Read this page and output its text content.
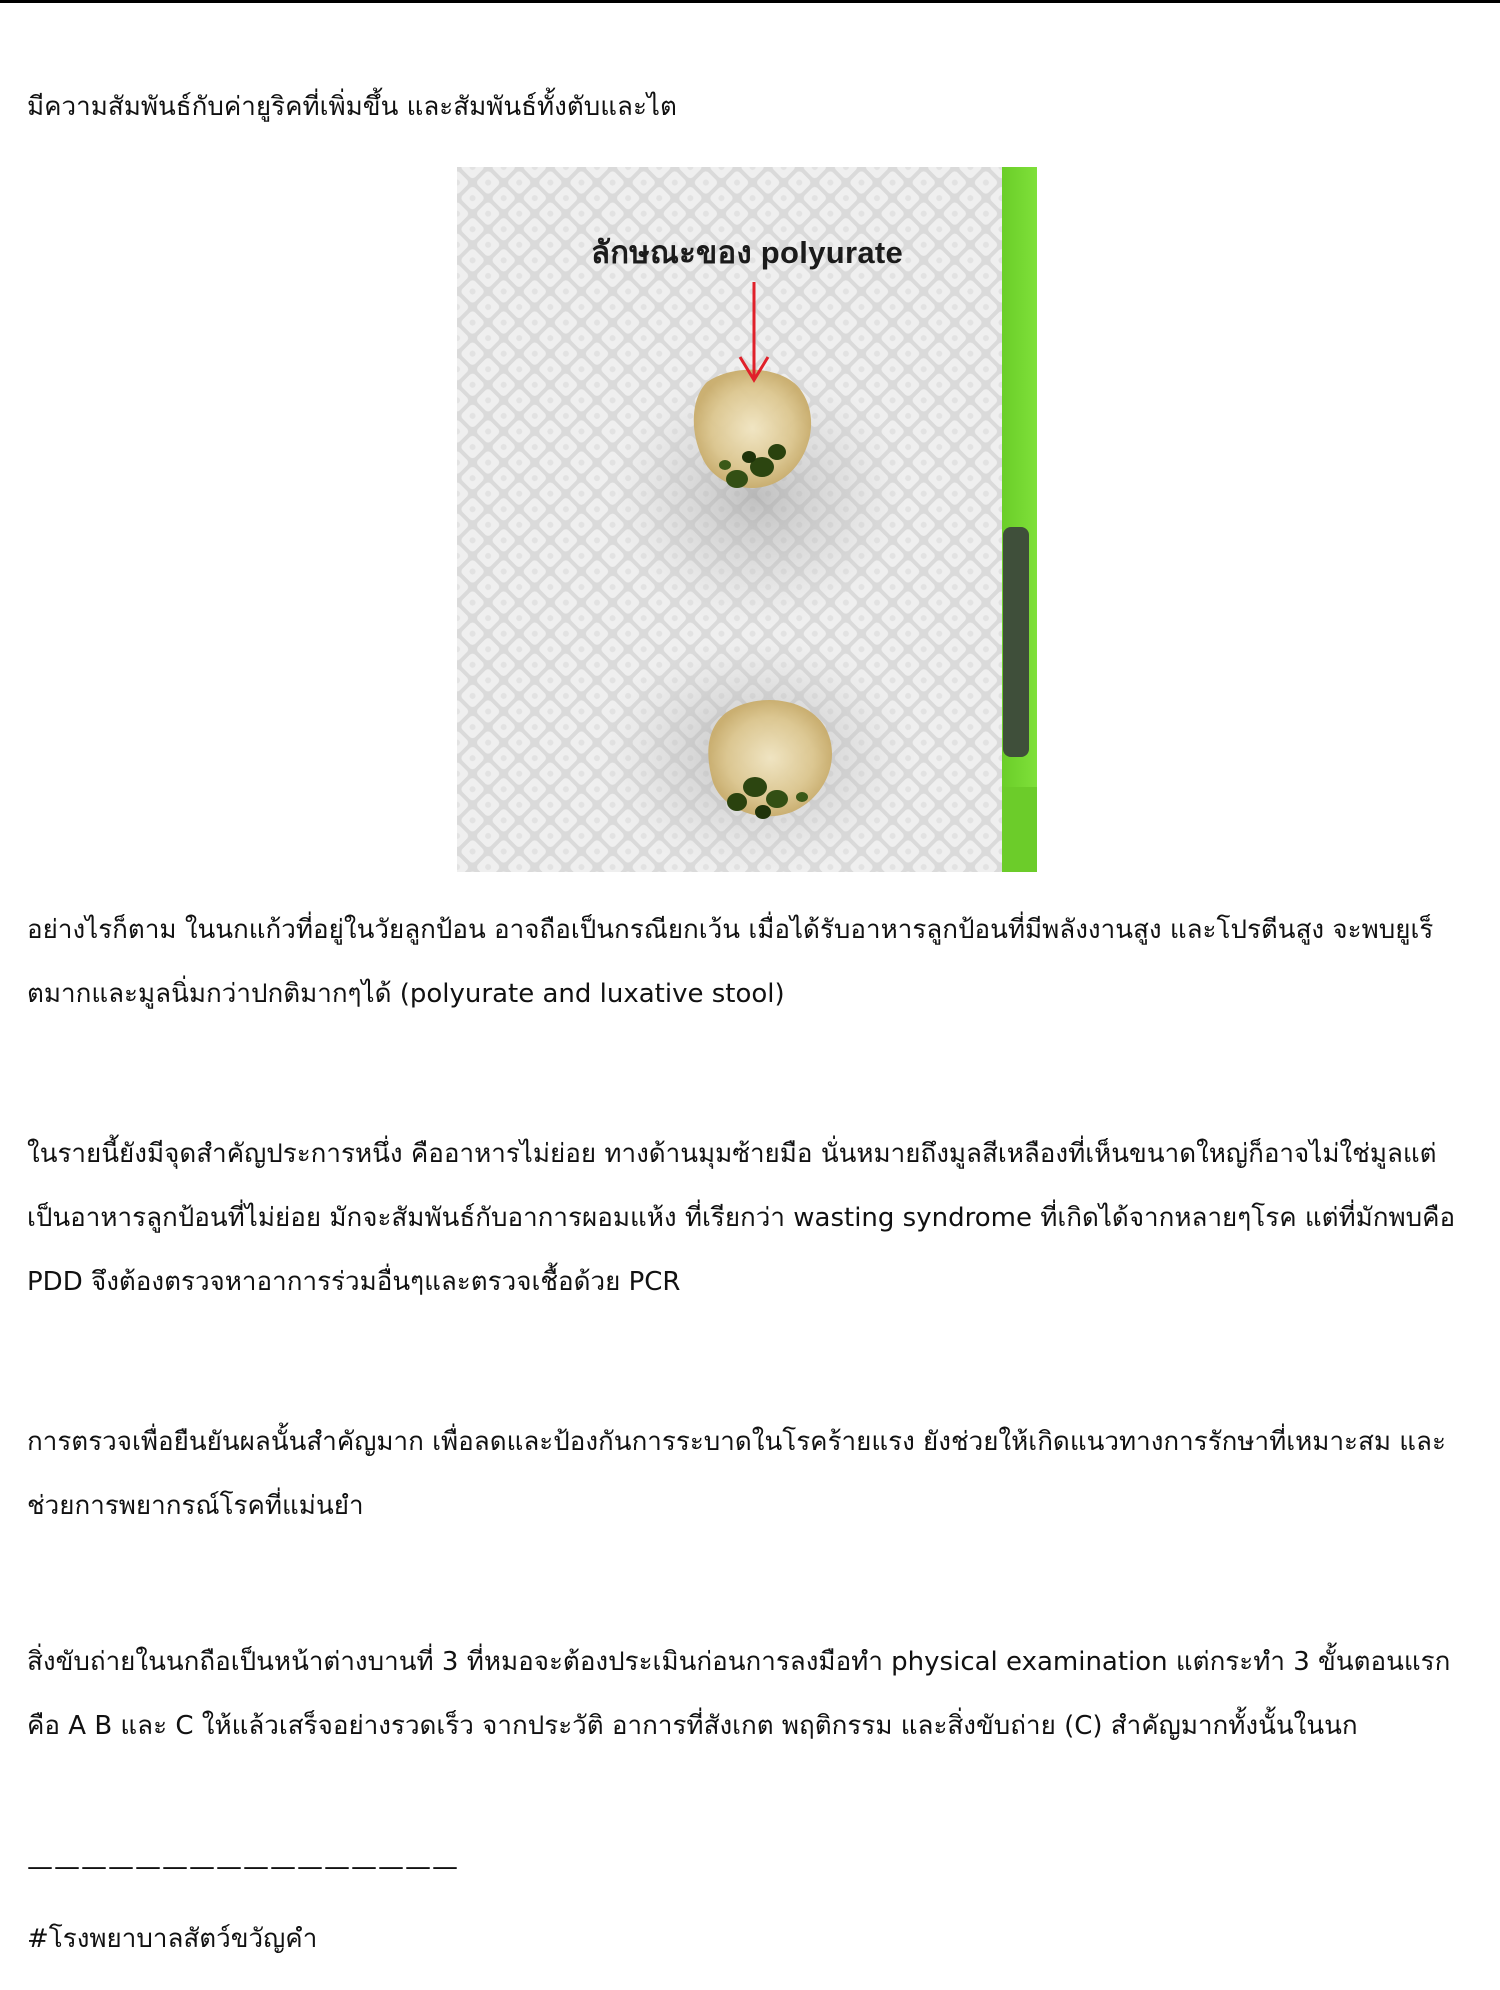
มีความสัมพันธ์กับค่ายูริคที่เพิ่มขึ้น และสัมพันธ์ทั้งตับและไต

ลักษณะของ polyurate

อย่างไรก็ตาม ในนกแก้วที่อยู่ในวัยลูกป้อน อาจถือเป็นกรณียกเว้น เมื่อได้รับอาหารลูกป้อนที่มีพลังงานสูง และโปรตีนสูง จะพบยูเร็ตมากและมูลนิ่มกว่าปกติมากๆได้ (polyurate and luxative stool)

ในรายนี้ยังมีจุดสำคัญประการหนึ่ง คืออาหารไม่ย่อย ทางด้านมุมซ้ายมือ นั่นหมายถึงมูลสีเหลืองที่เห็นขนาดใหญ่ก็อาจไม่ใช่มูลแต่เป็นอาหารลูกป้อนที่ไม่ย่อย มักจะสัมพันธ์กับอาการผอมแห้ง ที่เรียกว่า wasting syndrome ที่เกิดได้จากหลายๆโรค แต่ที่มักพบคือ PDD จึงต้องตรวจหาอาการร่วมอื่นๆและตรวจเชื้อด้วย PCR

การตรวจเพื่อยืนยันผลนั้นสำคัญมาก เพื่อลดและป้องกันการระบาดในโรคร้ายแรง ยังช่วยให้เกิดแนวทางการรักษาที่เหมาะสม และช่วยการพยากรณ์โรคที่แม่นยำ

สิ่งขับถ่ายในนกถือเป็นหน้าต่างบานที่ 3 ที่หมอจะต้องประเมินก่อนการลงมือทำ physical examination แต่กระทำ 3 ขั้นตอนแรก คือ A B และ C ให้แล้วเสร็จอย่างรวดเร็ว จากประวัติ อาการที่สังเกต พฤติกรรม และสิ่งขับถ่าย (C) สำคัญมากทั้งนั้นในนก

————————————————
#โรงพยาบาลสัตว์ขวัญคำ
